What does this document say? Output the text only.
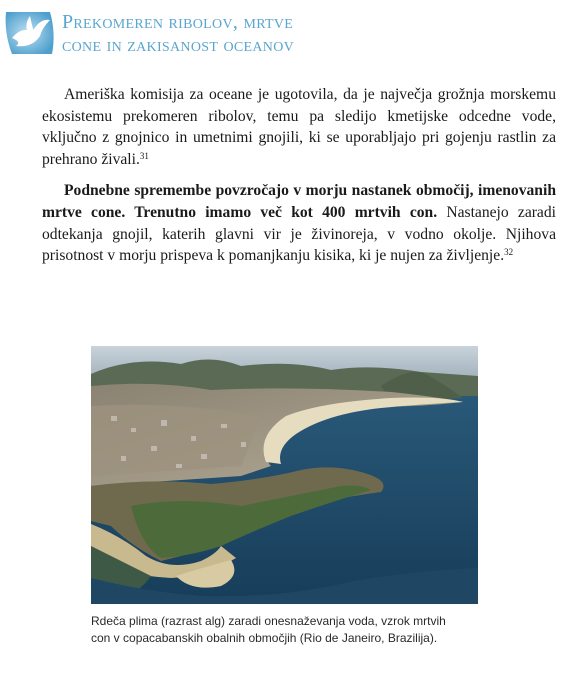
Prekomeren ribolov, mrtve
cone in zakisanost oceanov

Ameriška komisija za oceane je ugotovila, da je največja grožnja morskemu ekosistemu prekomeren ribolov, temu pa sledijo kmetijske odcedne vode, vključno z gnojnico in umetnimi gnojili, ki se uporabljajo pri gojenju rastlin za prehrano živali.$^{31}$

Podnebne spremembe povzročajo v morju nastanek območij, imenovanih mrtve cone. Trenutno imamo več kot 400 mrtvih con. Nastanejo zaradi odtekanja gnojil, katerih glavni vir je živinoreja, v vodno okolje. Njihova prisotnost v morju prispeva k pomanjkanju kisika, ki je nujen za življenje.$^{32}$

Rdeča plima (razrast alg) zaradi onesnaževanja voda, vzrok mrtvih
con v copacabanskih obalnih območjih (Rio de Janeiro, Brazilija).
